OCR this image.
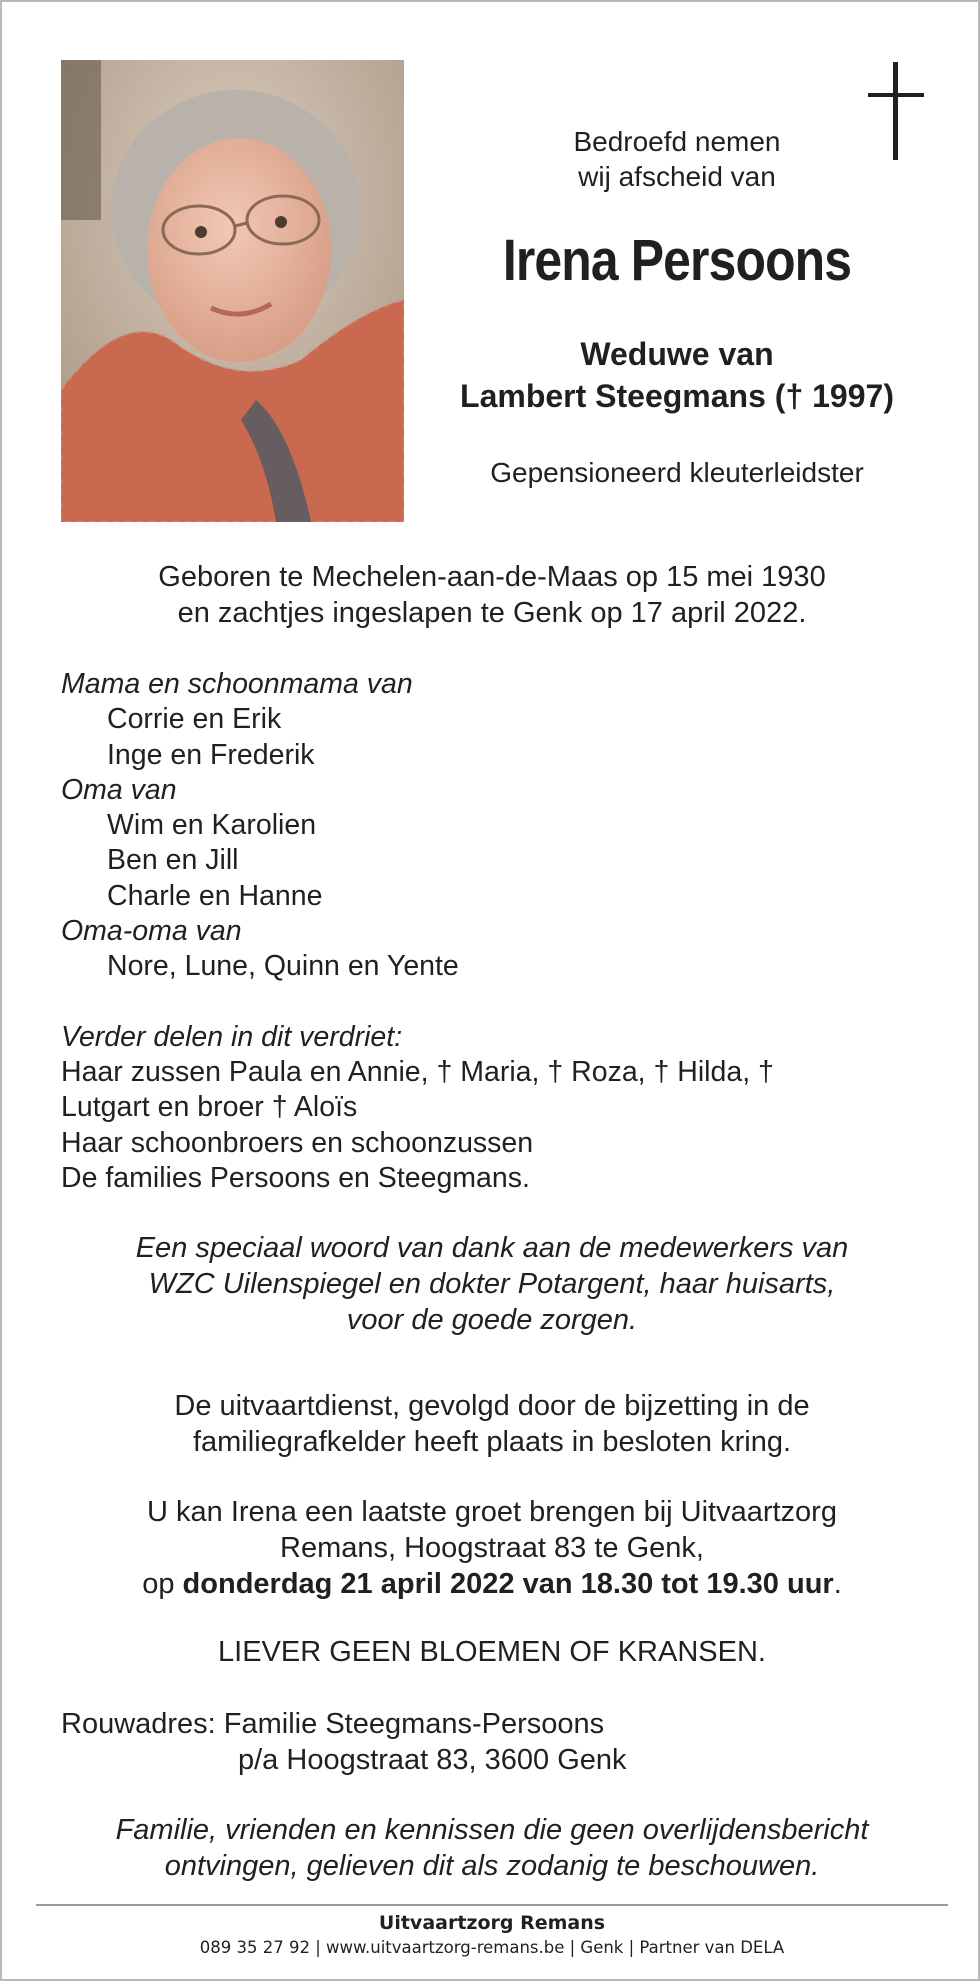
Bedroefd nemen
wij afscheid van
Irena Persoons
Weduwe van
Lambert Steegmans († 1997)
Gepensioneerd kleuterleidster
Geboren te Mechelen-aan-de-Maas op 15 mei 1930
en zachtjes ingeslapen te Genk op 17 april 2022.
Mama en schoonmama van
Corrie en Erik
Inge en Frederik
Oma van
Wim en Karolien
Ben en Jill
Charle en Hanne
Oma-oma van
Nore, Lune, Quinn en Yente
Verder delen in dit verdriet:
Haar zussen Paula en Annie, † Maria, † Roza, † Hilda, †
Lutgart en broer † Aloïs
Haar schoonbroers en schoonzussen
De families Persoons en Steegmans.
Een speciaal woord van dank aan de medewerkers van
WZC Uilenspiegel en dokter Potargent, haar huisarts,
voor de goede zorgen.
De uitvaartdienst, gevolgd door de bijzetting in de
familiegrafkelder heeft plaats in besloten kring.
U kan Irena een laatste groet brengen bij Uitvaartzorg
Remans, Hoogstraat 83 te Genk,
op donderdag 21 april 2022 van 18.30 tot 19.30 uur.
LIEVER GEEN BLOEMEN OF KRANSEN.
Rouwadres: Familie Steegmans-Persoons
p/a Hoogstraat 83, 3600 Genk
Familie, vrienden en kennissen die geen overlijdensbericht
ontvingen, gelieven dit als zodanig te beschouwen.
Uitvaartzorg Remans
089 35 27 92 | www.uitvaartzorg-remans.be | Genk | Partner van DELA
